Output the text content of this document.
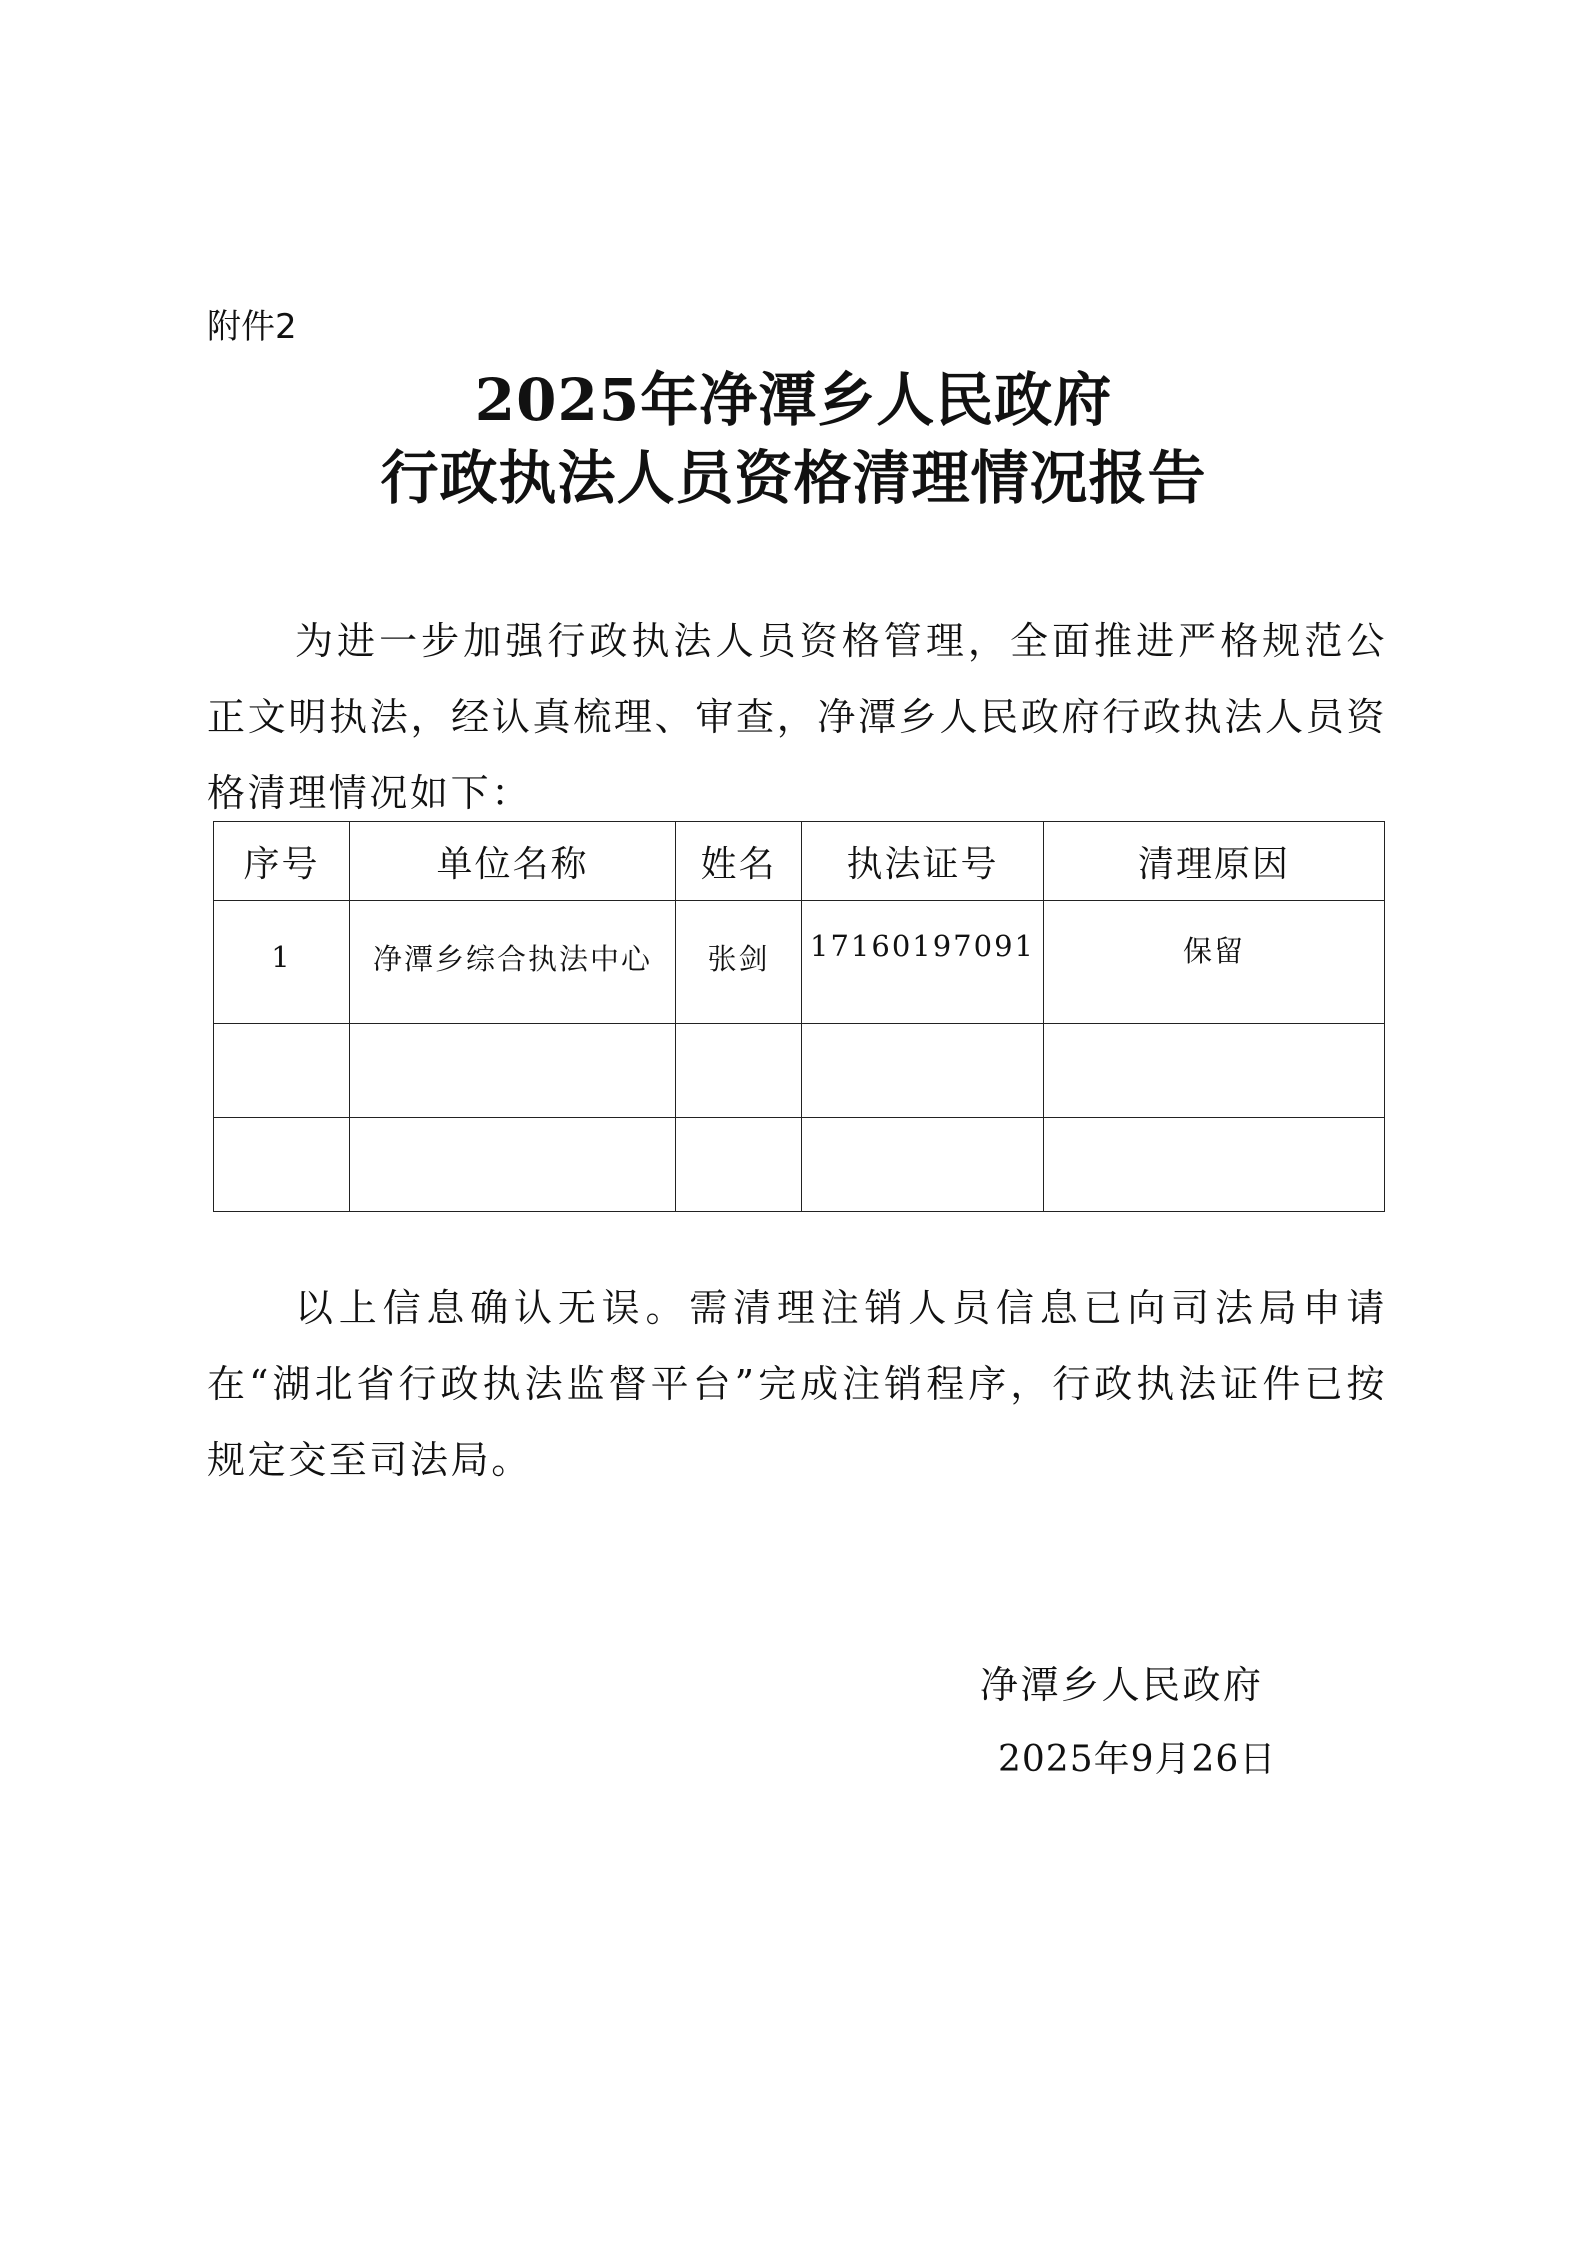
附件2
2025年净潭乡人民政府
行政执法人员资格清理情况报告

为进一步加强行政执法人员资格管理，全面推进严格规范公正文明执法，经认真梳理、审查，净潭乡人民政府行政执法人员资格清理情况如下：

序号	单位名称	姓名	执法证号	清理原因
1	净潭乡综合执法中心	张剑	17160197091	保留

以上信息确认无误。需清理注销人员信息已向司法局申请在“湖北省行政执法监督平台”完成注销程序，行政执法证件已按规定交至司法局。

净潭乡人民政府
2025年9月26日
